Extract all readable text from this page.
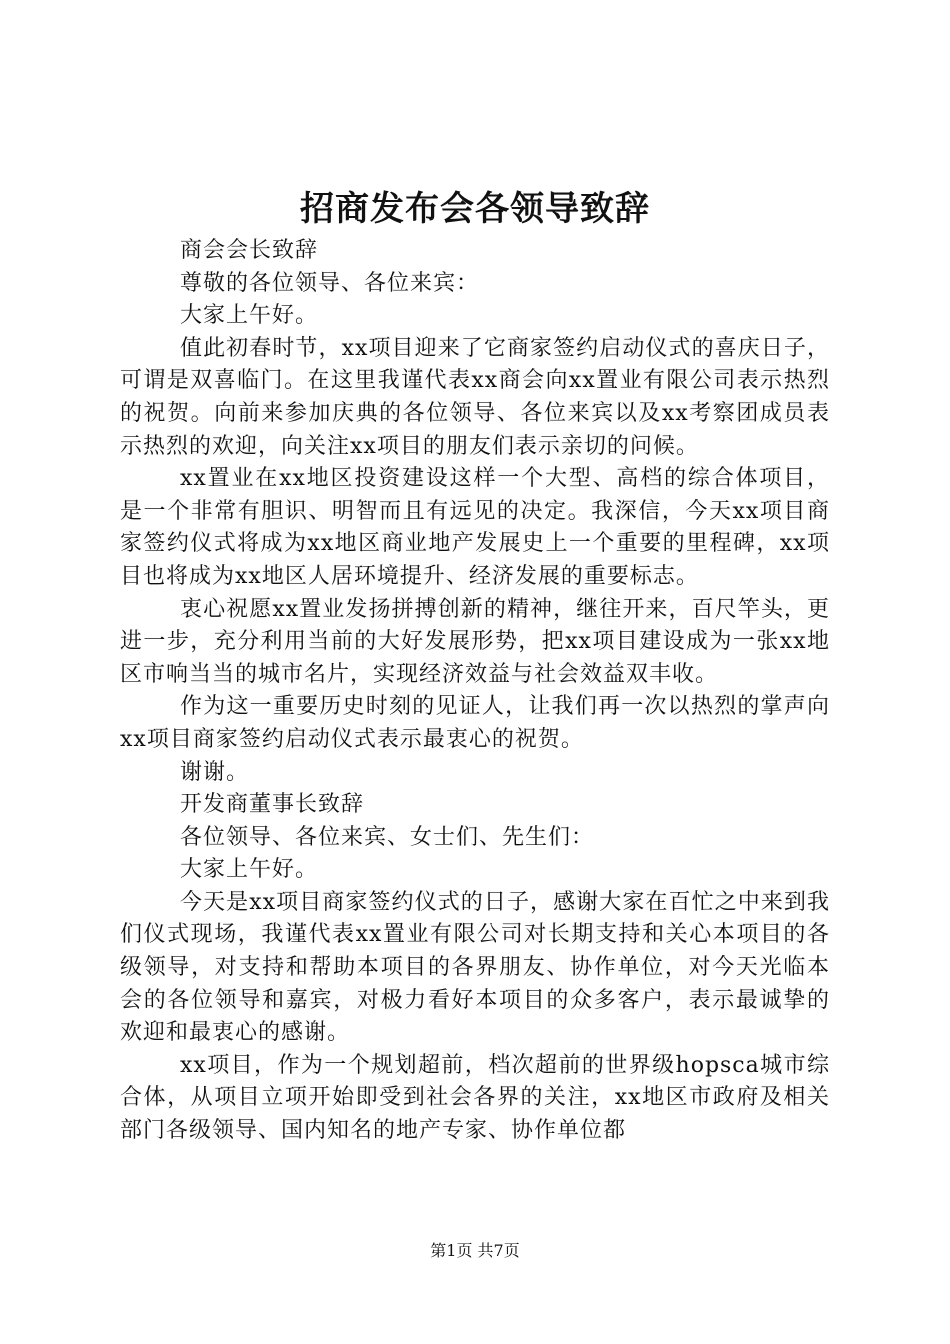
招商发布会各领导致辞

商会会长致辞

尊敬的各位领导、各位来宾：

大家上午好。

值此初春时节，xx项目迎来了它商家签约启动仪式的喜庆日子，可谓是双喜临门。在这里我谨代表xx商会向xx置业有限公司表示热烈的祝贺。向前来参加庆典的各位领导、各位来宾以及xx考察团成员表示热烈的欢迎，向关注xx项目的朋友们表示亲切的问候。

xx置业在xx地区投资建设这样一个大型、高档的综合体项目，是一个非常有胆识、明智而且有远见的决定。我深信，今天xx项目商家签约仪式将成为xx地区商业地产发展史上一个重要的里程碑，xx项目也将成为xx地区人居环境提升、经济发展的重要标志。

衷心祝愿xx置业发扬拼搏创新的精神，继往开来，百尺竿头，更进一步，充分利用当前的大好发展形势，把xx项目建设成为一张xx地区市响当当的城市名片，实现经济效益与社会效益双丰收。

作为这一重要历史时刻的见证人，让我们再一次以热烈的掌声向xx项目商家签约启动仪式表示最衷心的祝贺。

谢谢。

开发商董事长致辞

各位领导、各位来宾、女士们、先生们：

大家上午好。

今天是xx项目商家签约仪式的日子，感谢大家在百忙之中来到我们仪式现场，我谨代表xx置业有限公司对长期支持和关心本项目的各级领导，对支持和帮助本项目的各界朋友、协作单位，对今天光临本会的各位领导和嘉宾，对极力看好本项目的众多客户，表示最诚挚的欢迎和最衷心的感谢。

xx项目，作为一个规划超前，档次超前的世界级hopsca城市综合体，从项目立项开始即受到社会各界的关注，xx地区市政府及相关部门各级领导、国内知名的地产专家、协作单位都

第1页 共7页
